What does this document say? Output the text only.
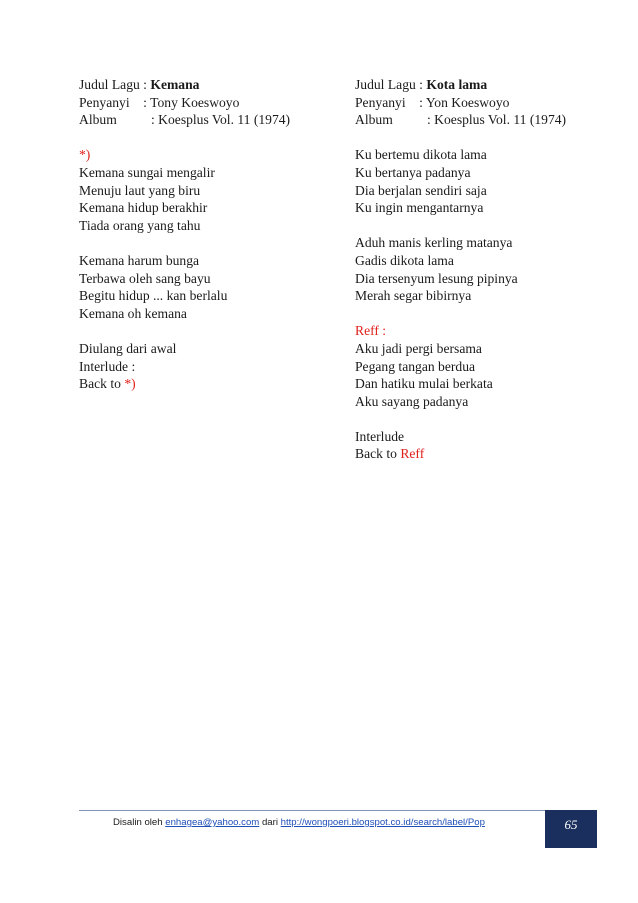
Judul Lagu : Kemana
Penyanyi    : Tony Koeswoyo
Album	: Koesplus Vol. 11 (1974)
*)
Kemana sungai mengalir
Menuju laut yang biru
Kemana hidup berakhir
Tiada orang yang tahu
Kemana harum bunga
Terbawa oleh sang bayu
Begitu hidup ... kan berlalu
Kemana oh kemana
Diulang dari awal
Interlude :
Back to *)
Judul Lagu : Kota lama
Penyanyi    : Yon Koeswoyo
Album	: Koesplus Vol. 11 (1974)
Ku bertemu dikota lama
Ku bertanya padanya
Dia berjalan sendiri saja
Ku ingin mengantarnya
Aduh manis kerling matanya
Gadis dikota lama
Dia tersenyum lesung pipinya
Merah segar bibirnya
Reff :
Aku jadi pergi bersama
Pegang tangan berdua
Dan hatiku mulai berkata
Aku sayang padanya
Interlude
Back to Reff
Disalin oleh enhagea@yahoo.com dari http://wongpoeri.blogspot.co.id/search/label/Pop	65
